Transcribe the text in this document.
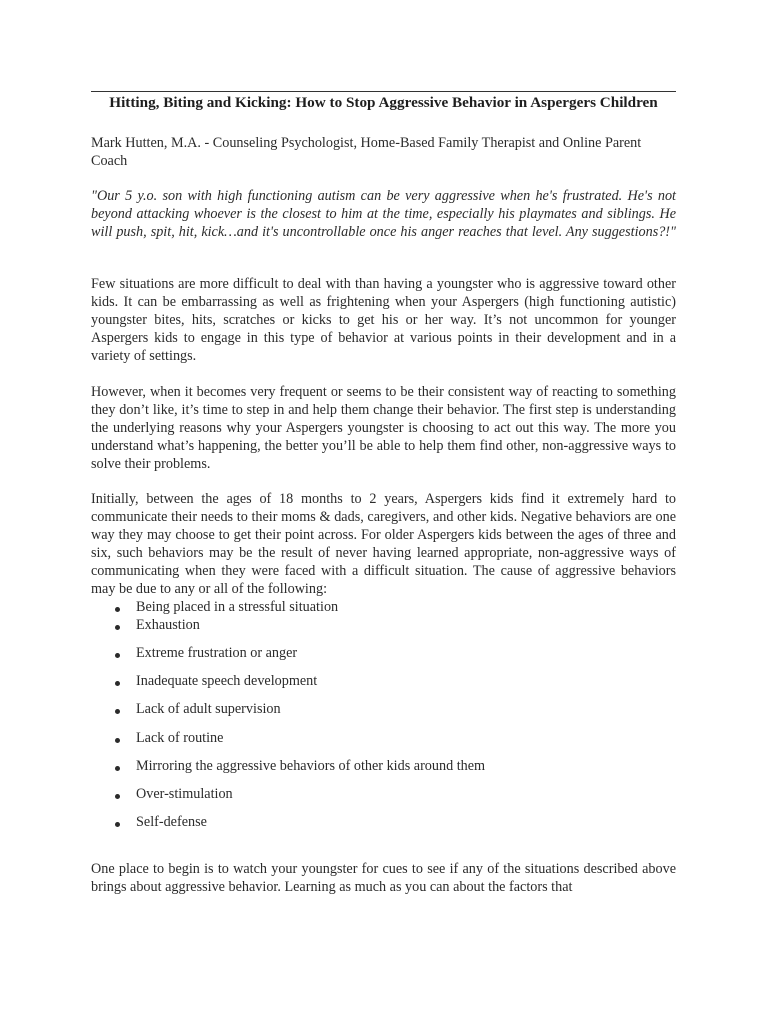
Hitting, Biting and Kicking: How to Stop Aggressive Behavior in Aspergers Children
Mark Hutten, M.A. - Counseling Psychologist, Home-Based Family Therapist and Online Parent Coach
"Our 5 y.o. son with high functioning autism can be very aggressive when he's frustrated. He's not beyond attacking whoever is the closest to him at the time, especially his playmates and siblings. He will push, spit, hit, kick…and it's uncontrollable once his anger reaches that level. Any suggestions?!"

Few situations are more difficult to deal with than having a youngster who is aggressive toward other kids. It can be embarrassing as well as frightening when your Aspergers (high functioning autistic) youngster bites, hits, scratches or kicks to get his or her way. It’s not uncommon for younger Aspergers kids to engage in this type of behavior at various points in their development and in a variety of settings.

However, when it becomes very frequent or seems to be their consistent way of reacting to something they don’t like, it’s time to step in and help them change their behavior. The first step is understanding the underlying reasons why your Aspergers youngster is choosing to act out this way. The more you understand what’s happening, the better you’ll be able to help them find other, non-aggressive ways to solve their problems.

Initially, between the ages of 18 months to 2 years, Aspergers kids find it extremely hard to communicate their needs to their moms & dads, caregivers, and other kids. Negative behaviors are one way they may choose to get their point across. For older Aspergers kids between the ages of three and six, such behaviors may be the result of never having learned appropriate, non-aggressive ways of communicating when they were faced with a difficult situation. The cause of aggressive behaviors may be due to any or all of the following:

Being placed in a stressful situation
Exhaustion
Extreme frustration or anger
Inadequate speech development
Lack of adult supervision
Lack of routine
Mirroring the aggressive behaviors of other kids around them
Over-stimulation
Self-defense

One place to begin is to watch your youngster for cues to see if any of the situations described above brings about aggressive behavior. Learning as much as you can about the factors that
